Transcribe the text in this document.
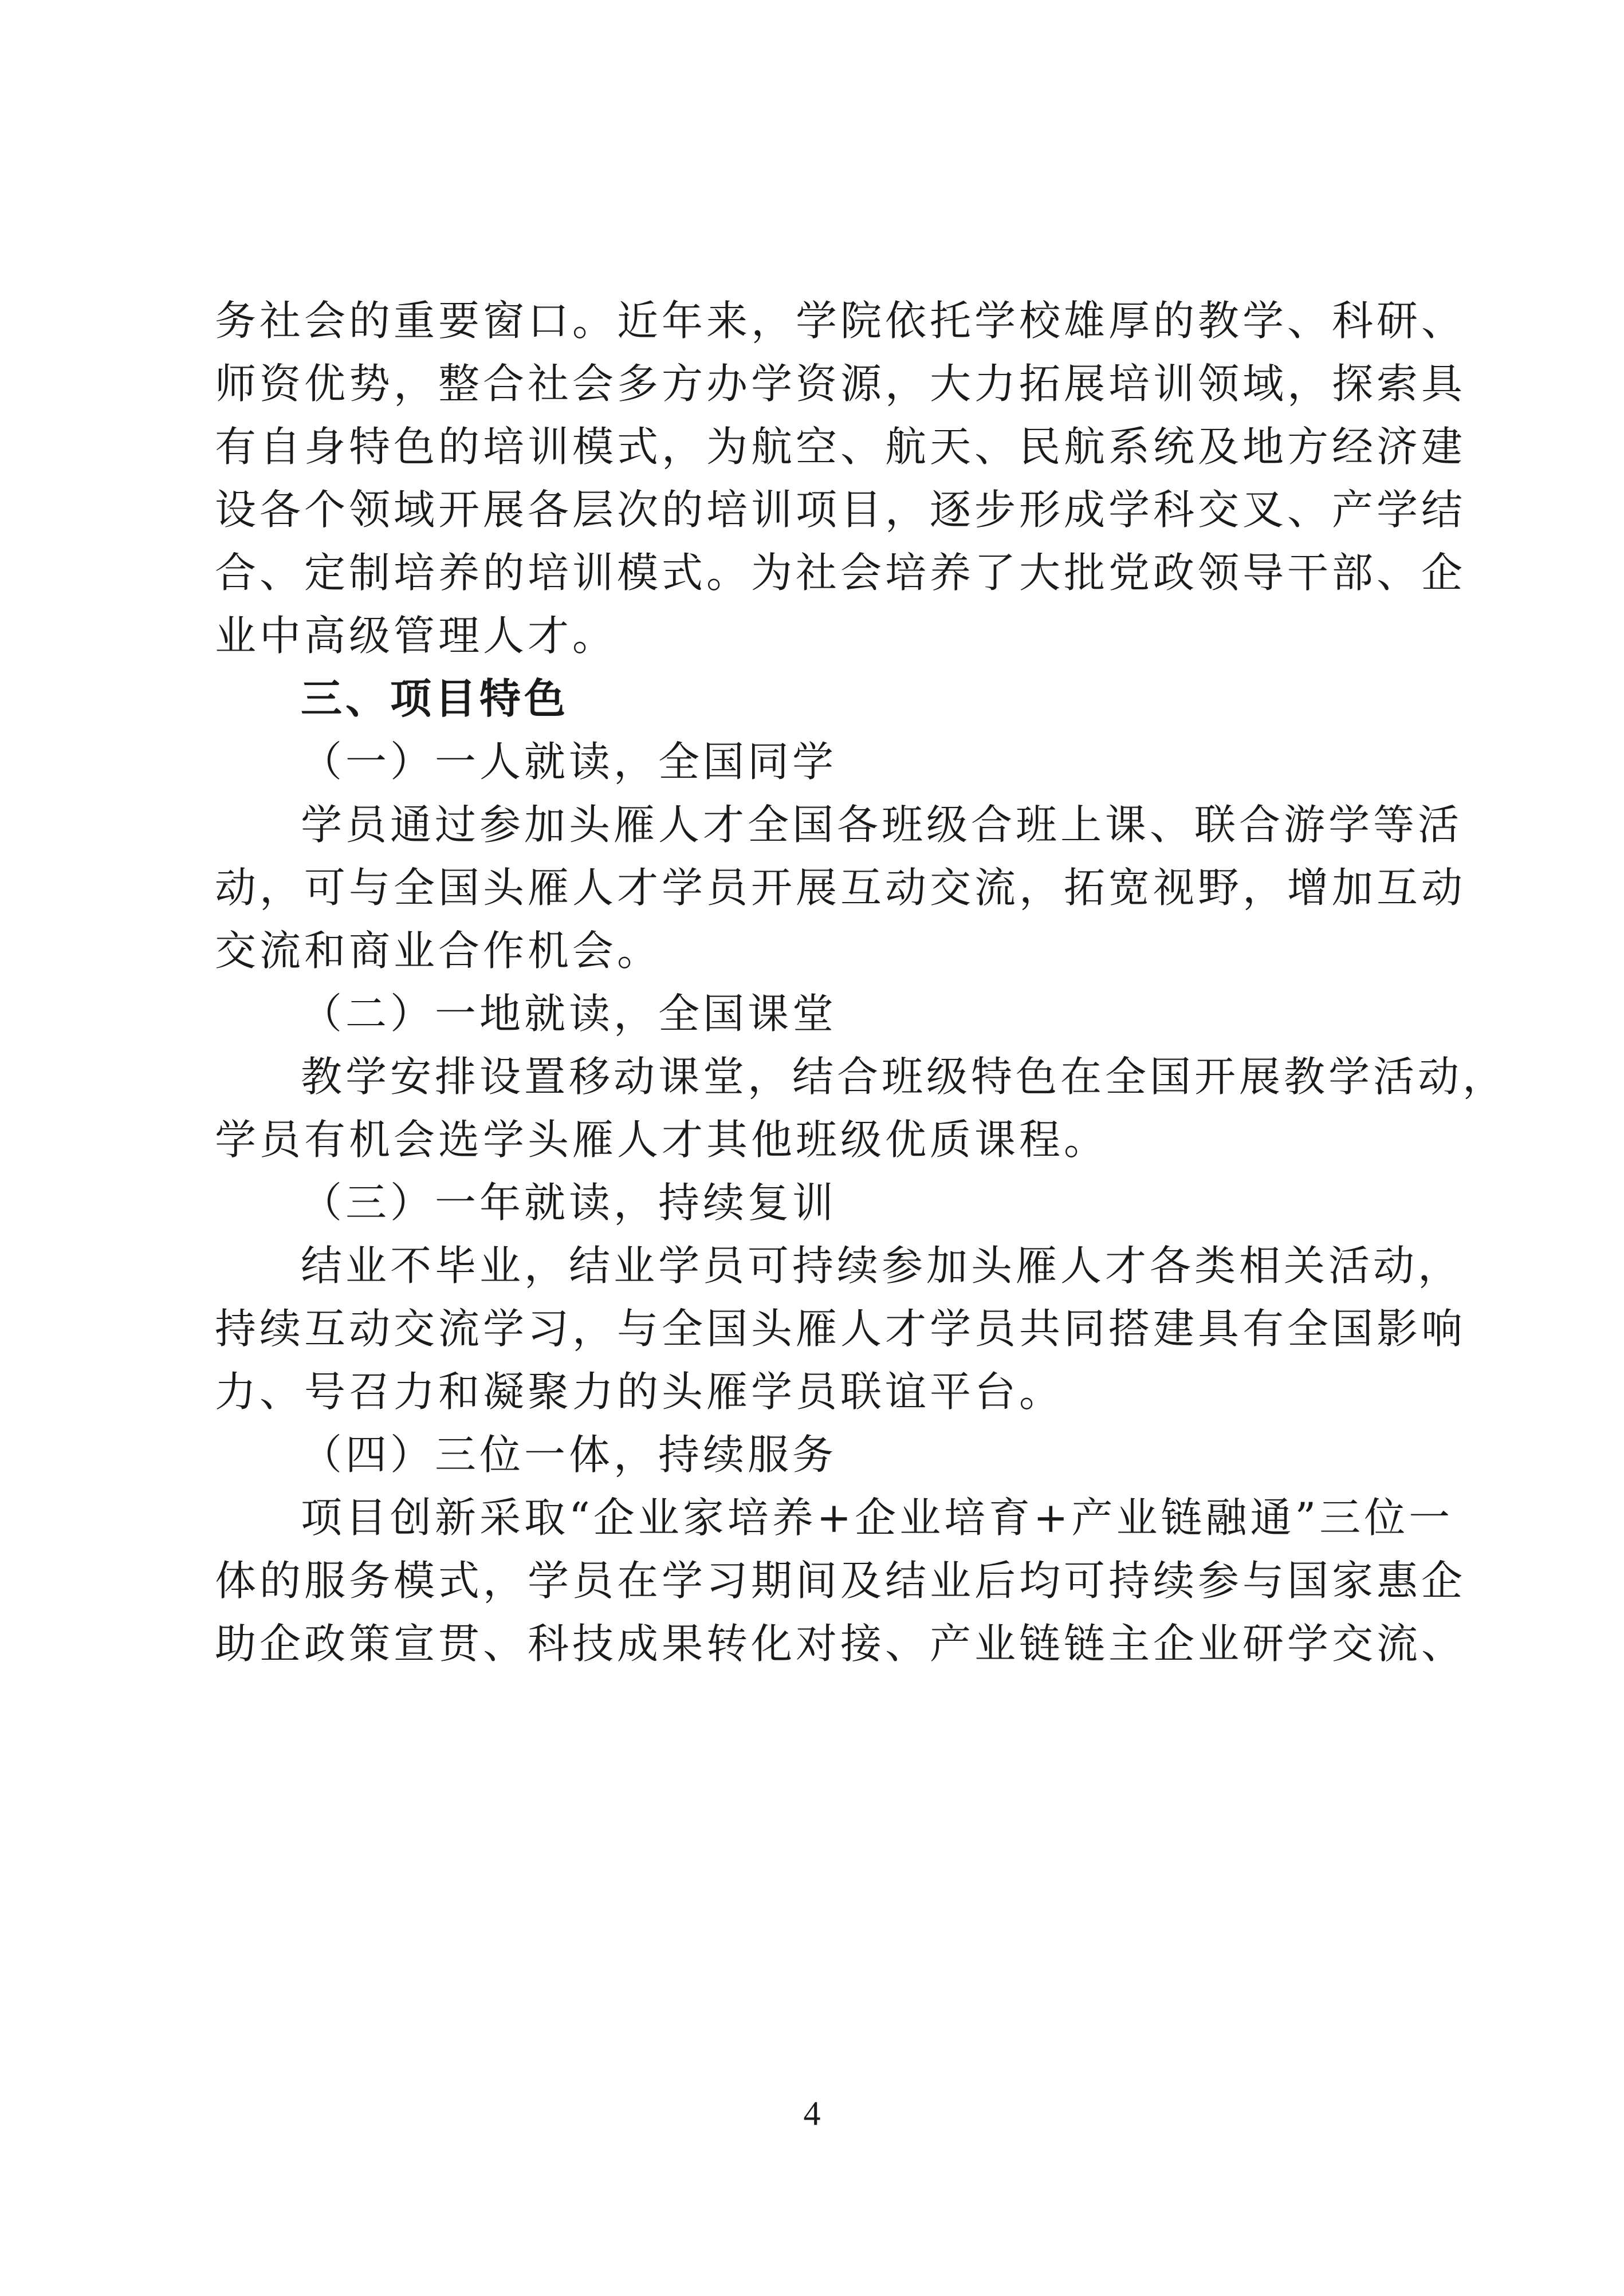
务社会的重要窗口。近年来，学院依托学校雄厚的教学、科研、
师资优势，整合社会多方办学资源，大力拓展培训领域，探索具
有自身特色的培训模式，为航空、航天、民航系统及地方经济建
设各个领域开展各层次的培训项目，逐步形成学科交叉、产学结
合、定制培养的培训模式。为社会培养了大批党政领导干部、企
业中高级管理人才。
三、项目特色
（一）一人就读，全国同学
学员通过参加头雁人才全国各班级合班上课、联合游学等活
动，可与全国头雁人才学员开展互动交流，拓宽视野，增加互动
交流和商业合作机会。
（二）一地就读，全国课堂
教学安排设置移动课堂，结合班级特色在全国开展教学活动，
学员有机会选学头雁人才其他班级优质课程。
（三）一年就读，持续复训
结业不毕业，结业学员可持续参加头雁人才各类相关活动，
持续互动交流学习，与全国头雁人才学员共同搭建具有全国影响
力、号召力和凝聚力的头雁学员联谊平台。
（四）三位一体，持续服务
项目创新采取“企业家培养+企业培育+产业链融通”三位一
体的服务模式，学员在学习期间及结业后均可持续参与国家惠企
助企政策宣贯、科技成果转化对接、产业链链主企业研学交流、
4
